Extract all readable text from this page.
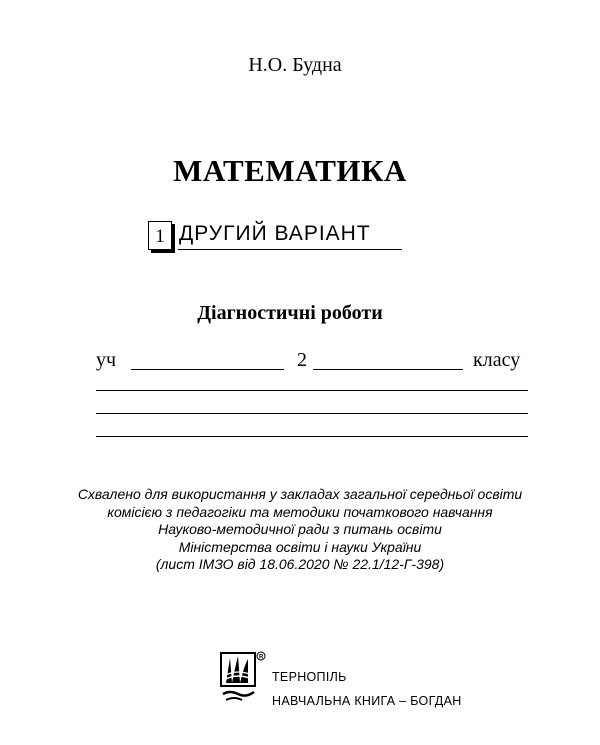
Н.О. Будна
МАТЕМАТИКА
1 ДРУГИЙ ВАРІАНТ
Діагностичні роботи
уч	2	класу
Схвалено для використання у закладах загальної середньої освіти
комісією з педагогіки та методики початкового навчання
Науково-методичної ради з питань освіти
Міністерства освіти і науки України
(лист ІМЗО від 18.06.2020 № 22.1/12-Г-398)
R
ТЕРНОПІЛЬ
НАВЧАЛЬНА КНИГА – БОГДАН
